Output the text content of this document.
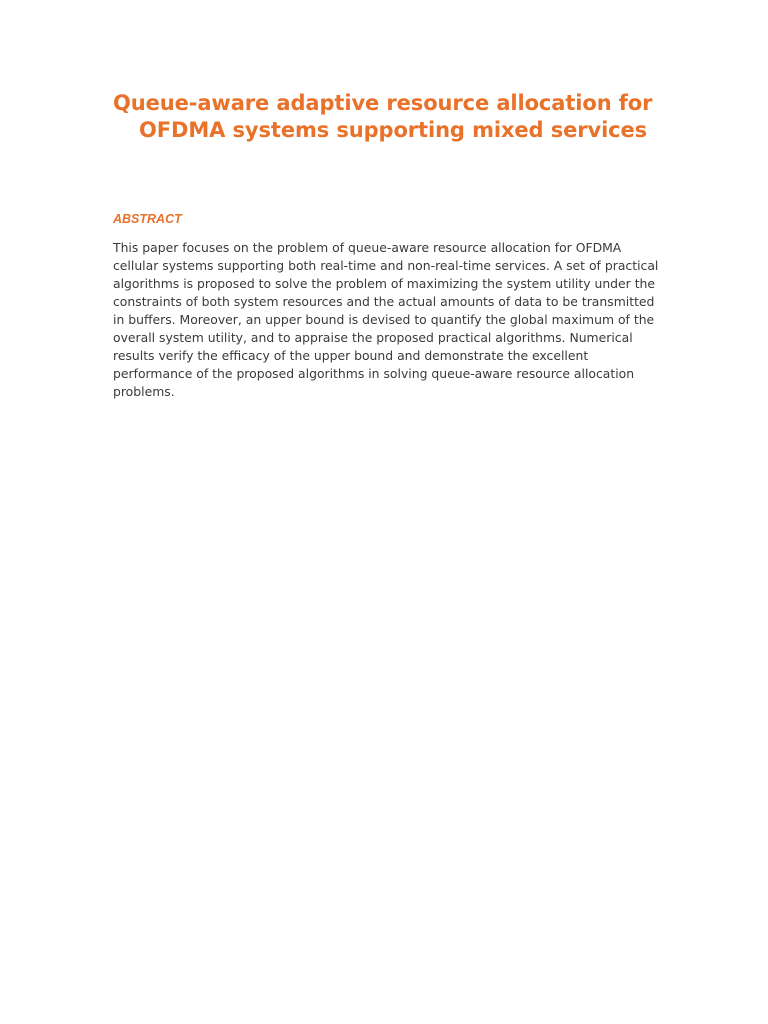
Queue-aware adaptive resource allocation for OFDMA systems supporting mixed services
ABSTRACT

This paper focuses on the problem of queue-aware resource allocation for OFDMA cellular systems supporting both real-time and non-real-time services. A set of practical algorithms is proposed to solve the problem of maximizing the system utility under the constraints of both system resources and the actual amounts of data to be transmitted in buffers. Moreover, an upper bound is devised to quantify the global maximum of the overall system utility, and to appraise the proposed practical algorithms. Numerical results verify the efficacy of the upper bound and demonstrate the excellent performance of the proposed algorithms in solving queue-aware resource allocation problems.
